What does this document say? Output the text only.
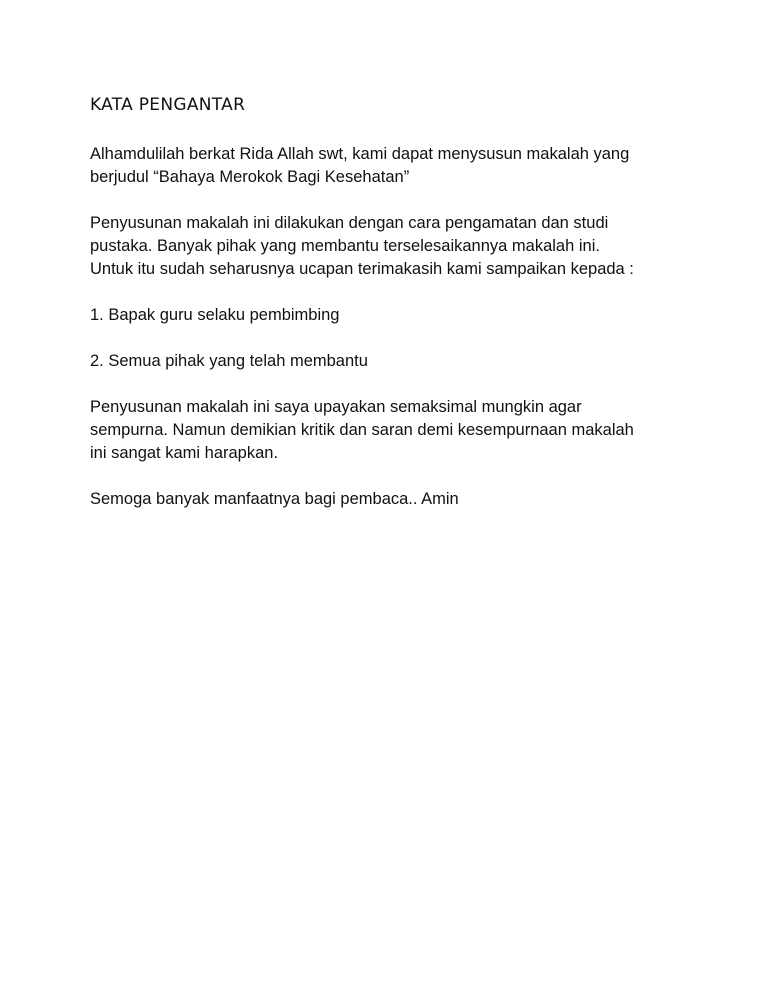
KATA PENGANTAR
Alhamdulilah berkat Rida Allah swt, kami dapat menysusun makalah yang
berjudul “Bahaya Merokok Bagi Kesehatan”
Penyusunan makalah ini dilakukan dengan cara pengamatan dan studi
pustaka. Banyak pihak yang membantu terselesaikannya makalah ini.
Untuk itu sudah seharusnya ucapan terimakasih kami sampaikan kepada :
1. Bapak guru selaku pembimbing
2. Semua pihak yang telah membantu
Penyusunan makalah ini saya upayakan semaksimal mungkin agar
sempurna. Namun demikian kritik dan saran demi kesempurnaan makalah
ini sangat kami harapkan.
Semoga banyak manfaatnya bagi pembaca.. Amin
